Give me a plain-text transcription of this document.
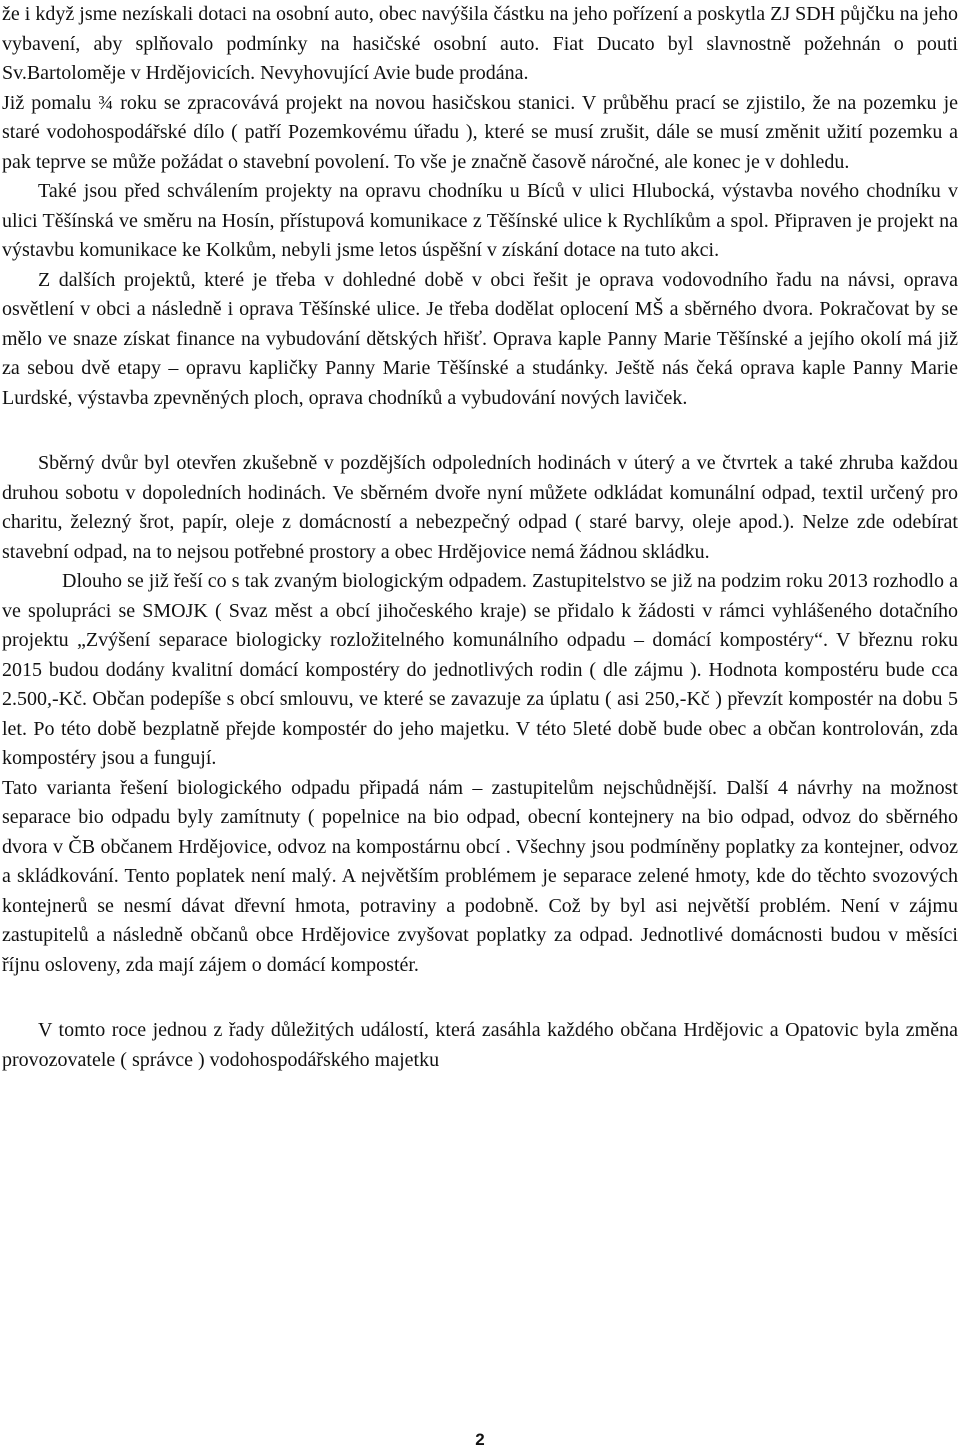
že i když jsme nezískali dotaci na osobní auto, obec navýšila částku na jeho pořízení a poskytla ZJ SDH půjčku na jeho vybavení, aby splňovalo podmínky na hasičské osobní auto. Fiat Ducato byl slavnostně požehnán o pouti Sv.Bartoloměje v Hrdějovicích. Nevyhovující Avie bude prodána.

Již pomalu ¾ roku se zpracovává projekt na novou hasičskou stanici. V průběhu prací se zjistilo, že na pozemku je staré vodohospodářské dílo ( patří Pozemkovému úřadu ), které se musí zrušit, dále se musí změnit užití pozemku a pak teprve se může požádat o stavební povolení. To vše je značně časově náročné, ale konec je v dohledu.

Také jsou před schválením projekty na opravu chodníku u Bíců v ulici Hlubocká, výstavba nového chodníku v ulici Těšínská ve směru na Hosín, přístupová komunikace z Těšínské ulice k Rychlíkům a spol. Připraven je projekt na výstavbu komunikace ke Kolkům, nebyli jsme letos úspěšní v získání dotace na tuto akci.

Z dalších projektů, které je třeba v dohledné době v obci řešit je oprava vodovodního řadu na návsi, oprava osvětlení v obci a následně i oprava Těšínské ulice. Je třeba dodělat oplocení MŠ a sběrného dvora. Pokračovat by se mělo ve snaze získat finance na vybudování dětských hřišť. Oprava kaple Panny Marie Těšínské a jejího okolí má již za sebou dvě etapy – opravu kapličky Panny Marie Těšínské a studánky. Ještě nás čeká oprava kaple Panny Marie Lurdské, výstavba zpevněných ploch, oprava chodníků a vybudování nových laviček.

Sběrný dvůr byl otevřen zkušebně v pozdějších odpoledních hodinách v úterý a ve čtvrtek a také zhruba každou druhou sobotu v dopoledních hodinách. Ve sběrném dvoře nyní můžete odkládat komunální odpad, textil určený pro charitu, železný šrot, papír, oleje z domácností a nebezpečný odpad ( staré barvy, oleje apod.). Nelze zde odebírat stavební odpad, na to nejsou potřebné prostory a obec Hrdějovice nemá žádnou skládku.

Dlouho se již řeší co s tak zvaným biologickým odpadem. Zastupitelstvo se již na podzim roku 2013 rozhodlo a ve spolupráci se SMOJK ( Svaz měst a obcí jihočeského kraje) se přidalo k žádosti v rámci vyhlášeného dotačního projektu „Zvýšení separace biologicky rozložitelného komunálního odpadu – domácí kompostéry“. V březnu roku 2015 budou dodány kvalitní domácí kompostéry do jednotlivých rodin ( dle zájmu ). Hodnota kompostéru bude cca 2.500,-Kč. Občan podepíše s obcí smlouvu, ve které se zavazuje za úplatu ( asi 250,-Kč ) převzít kompostér na dobu 5 let. Po této době bezplatně přejde kompostér do jeho majetku. V této 5leté době bude obec a občan kontrolován, zda kompostéry jsou a fungují.

Tato varianta řešení biologického odpadu připadá nám – zastupitelům nejschůdnější. Další 4 návrhy na možnost separace bio odpadu byly zamítnuty ( popelnice na bio odpad, obecní kontejnery na bio odpad, odvoz do sběrného dvora v ČB občanem Hrdějovice, odvoz na kompostárnu obcí . Všechny jsou podmíněny poplatky za kontejner, odvoz a skládkování. Tento poplatek není malý. A největším problémem je separace zelené hmoty, kde do těchto svozových kontejnerů se nesmí dávat dřevní hmota, potraviny a podobně. Což by byl asi největší problém. Není v zájmu zastupitelů a následně občanů obce Hrdějovice zvyšovat poplatky za odpad. Jednotlivé domácnosti budou v měsíci říjnu osloveny, zda mají zájem o domácí kompostér.

V tomto roce jednou z řady důležitých událostí, která zasáhla každého občana Hrdějovic a Opatovic byla změna provozovatele ( správce ) vodohospodářského majetku

2
